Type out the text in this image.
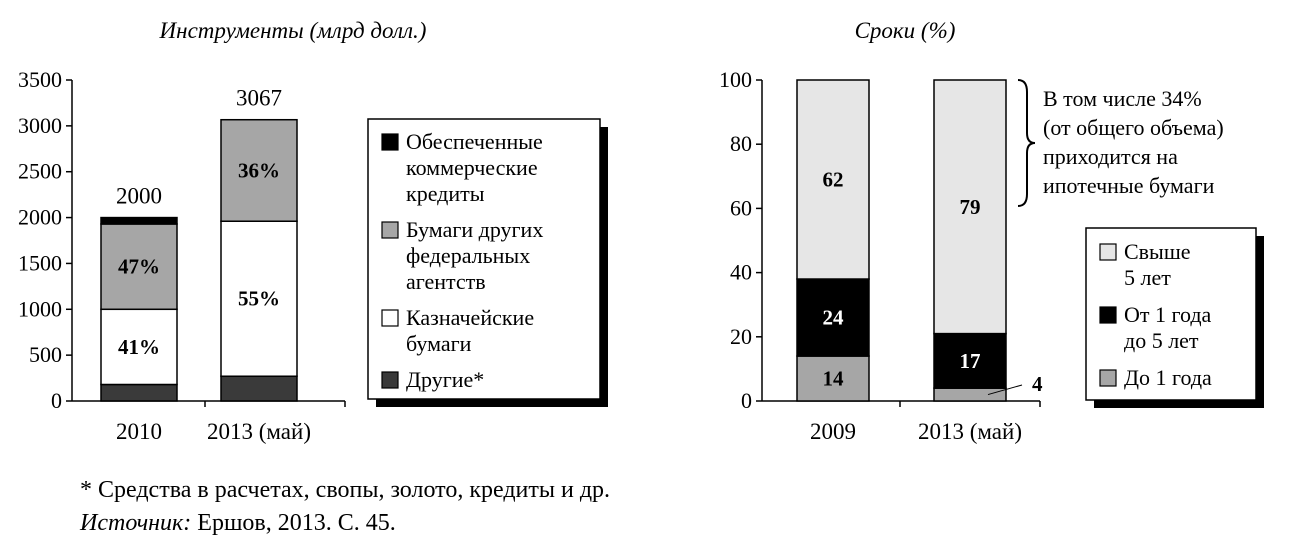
Инструменты (млрд долл.)
0
500
1000
1500
2000
2500
3000
3500
41%
47%
2000
2010
55%
36%
3067
2013 (май)
Обеспеченные
коммерческие
кредиты
Бумаги других
федеральных
агентств
Казначейские
бумаги
Другие*
Сроки (%)
0
20
40
60
80
100
14
24
62
2009
4
17
79
2013 (май)
В том числе 34%
(от общего объема)
приходится на
ипотечные бумаги
Свыше
5 лет
От 1 года
до 5 лет
До 1 года
* Средства в расчетах, свопы, золото, кредиты и др.
Источник: Ершов, 2013. С. 45.
